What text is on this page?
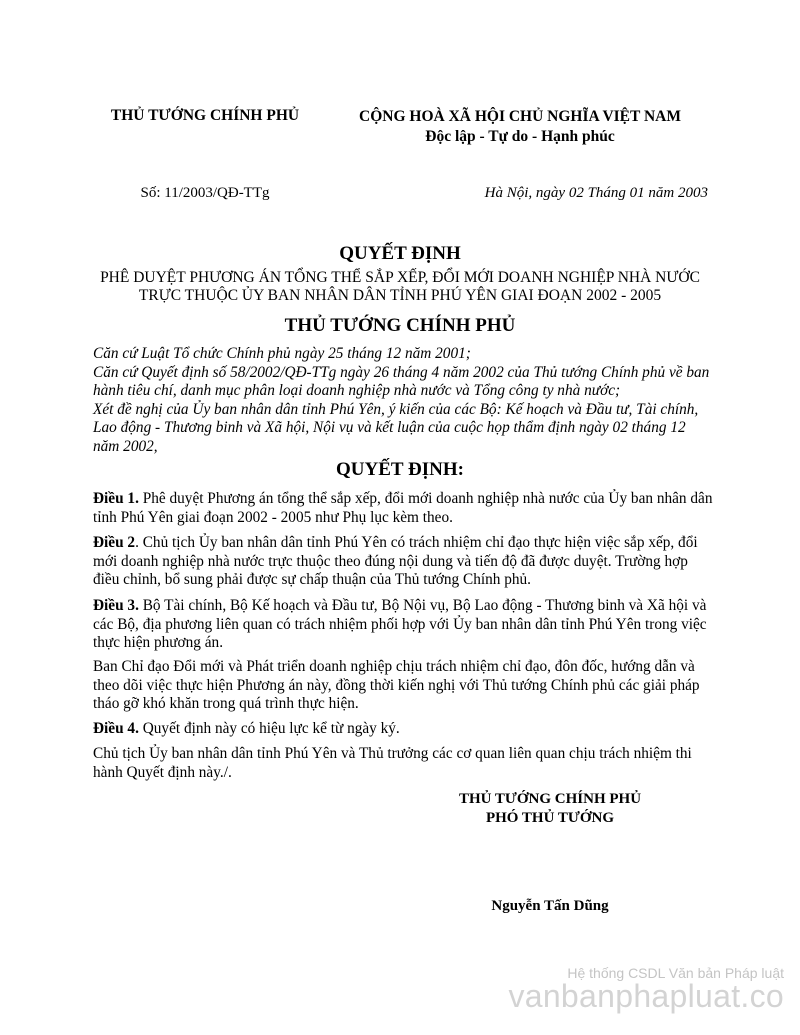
THỦ TƯỚNG CHÍNH PHỦ	CỘNG HOÀ XÃ HỘI CHỦ NGHĨA VIỆT NAM
Độc lập - Tự do - Hạnh phúc
Số: 11/2003/QĐ-TTg	Hà Nội, ngày 02 Tháng 01 năm 2003
QUYẾT ĐỊNH
PHÊ DUYỆT PHƯƠNG ÁN TỔNG THỂ SẮP XẾP, ĐỔI MỚI DOANH NGHIỆP NHÀ NƯỚC
TRỰC THUỘC ỦY BAN NHÂN DÂN TỈNH PHÚ YÊN GIAI ĐOẠN 2002 - 2005
THỦ TƯỚNG CHÍNH PHỦ

Căn cứ Luật Tổ chức Chính phủ ngày 25 tháng 12 năm 2001;

Căn cứ Quyết định số 58/2002/QĐ-TTg ngày 26 tháng 4 năm 2002 của Thủ tướng Chính phủ về ban hành tiêu chí, danh mục phân loại doanh nghiệp nhà nước và Tổng công ty nhà nước;

Xét đề nghị của Ủy ban nhân dân tỉnh Phú Yên, ý kiến của các Bộ: Kế hoạch và Đầu tư, Tài chính, Lao động - Thương binh và Xã hội, Nội vụ và kết luận của cuộc họp thẩm định ngày 02 tháng 12 năm 2002,

QUYẾT ĐỊNH:
Điều 1. Phê duyệt Phương án tổng thể sắp xếp, đổi mới doanh nghiệp nhà nước của Ủy ban nhân dân tỉnh Phú Yên giai đoạn 2002 - 2005 như Phụ lục kèm theo.
Điều 2. Chủ tịch Ủy ban nhân dân tỉnh Phú Yên có trách nhiệm chỉ đạo thực hiện việc sắp xếp, đổi mới doanh nghiệp nhà nước trực thuộc theo đúng nội dung và tiến độ đã được duyệt. Trường hợp điều chỉnh, bổ sung phải được sự chấp thuận của Thủ tướng Chính phủ.
Điều 3. Bộ Tài chính, Bộ Kế hoạch và Đầu tư, Bộ Nội vụ, Bộ Lao động - Thương binh và Xã hội và các Bộ, địa phương liên quan có trách nhiệm phối hợp với Ủy ban nhân dân tỉnh Phú Yên trong việc thực hiện phương án.
Ban Chỉ đạo Đổi mới và Phát triển doanh nghiệp chịu trách nhiệm chỉ đạo, đôn đốc, hướng dẫn và theo dõi việc thực hiện Phương án này, đồng thời kiến nghị với Thủ tướng Chính phủ các giải pháp tháo gỡ khó khăn trong quá trình thực hiện.
Điều 4. Quyết định này có hiệu lực kể từ ngày ký.
Chủ tịch Ủy ban nhân dân tỉnh Phú Yên và Thủ trưởng các cơ quan liên quan chịu trách nhiệm thi hành Quyết định này./.
THỦ TƯỚNG CHÍNH PHỦ
PHÓ THỦ TƯỚNG
Nguyễn Tấn Dũng
Hệ thống CSDL Văn bản Pháp luật
vanbanphapluat.co
